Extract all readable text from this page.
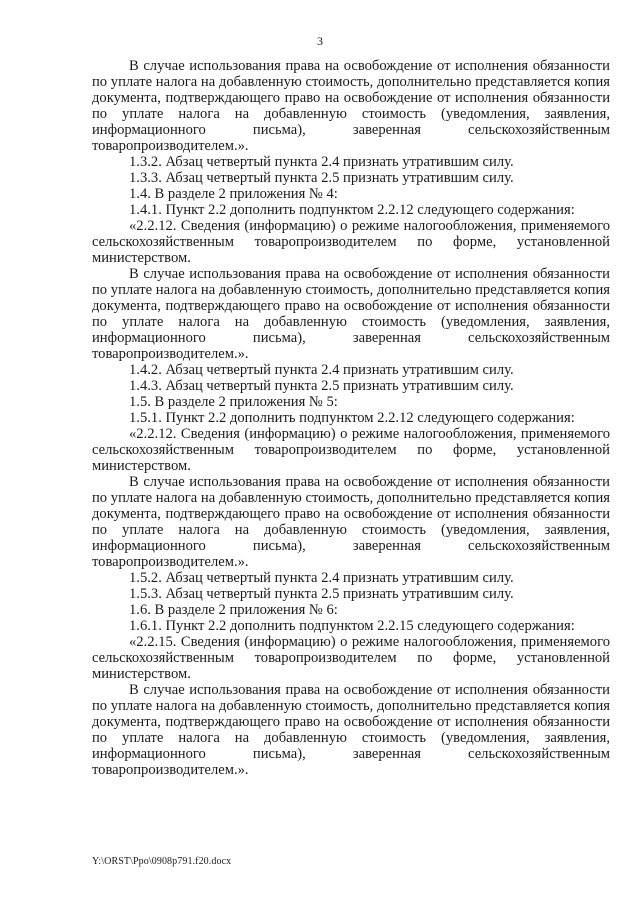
3

В случае использования права на освобождение от исполнения обязанности по уплате налога на добавленную стоимость, дополнительно представляется копия документа, подтверждающего право на освобождение от исполнения обязанности по уплате налога на добавленную стоимость (уведомления, заявления, информационного письма), заверенная сельскохозяйственным товаропроизводителем.».

1.3.2. Абзац четвертый пункта 2.4 признать утратившим силу.

1.3.3. Абзац четвертый пункта 2.5 признать утратившим силу.

1.4. В разделе 2 приложения № 4:

1.4.1. Пункт 2.2 дополнить подпунктом 2.2.12 следующего содержания:

«2.2.12. Сведения (информацию) о режиме налогообложения, применяемого сельскохозяйственным товаропроизводителем по форме, установленной министерством.

В случае использования права на освобождение от исполнения обязанности по уплате налога на добавленную стоимость, дополнительно представляется копия документа, подтверждающего право на освобождение от исполнения обязанности по уплате налога на добавленную стоимость (уведомления, заявления, информационного письма), заверенная сельскохозяйственным товаропроизводителем.».

1.4.2. Абзац четвертый пункта 2.4 признать утратившим силу.

1.4.3. Абзац четвертый пункта 2.5 признать утратившим силу.

1.5. В разделе 2 приложения № 5:

1.5.1. Пункт 2.2 дополнить подпунктом 2.2.12 следующего содержания:

«2.2.12. Сведения (информацию) о режиме налогообложения, применяемого сельскохозяйственным товаропроизводителем по форме, установленной министерством.

В случае использования права на освобождение от исполнения обязанности по уплате налога на добавленную стоимость, дополнительно представляется копия документа, подтверждающего право на освобождение от исполнения обязанности по уплате налога на добавленную стоимость (уведомления, заявления, информационного письма), заверенная сельскохозяйственным товаропроизводителем.».

1.5.2. Абзац четвертый пункта 2.4 признать утратившим силу.

1.5.3. Абзац четвертый пункта 2.5 признать утратившим силу.

1.6. В разделе 2 приложения № 6:

1.6.1. Пункт 2.2 дополнить подпунктом 2.2.15 следующего содержания:

«2.2.15. Сведения (информацию) о режиме налогообложения, применяемого сельскохозяйственным товаропроизводителем по форме, установленной министерством.

В случае использования права на освобождение от исполнения обязанности по уплате налога на добавленную стоимость, дополнительно представляется копия документа, подтверждающего право на освобождение от исполнения обязанности по уплате налога на добавленную стоимость (уведомления, заявления, информационного письма), заверенная сельскохозяйственным товаропроизводителем.».

Y:\ORST\Ppo\0908p791.f20.docx
